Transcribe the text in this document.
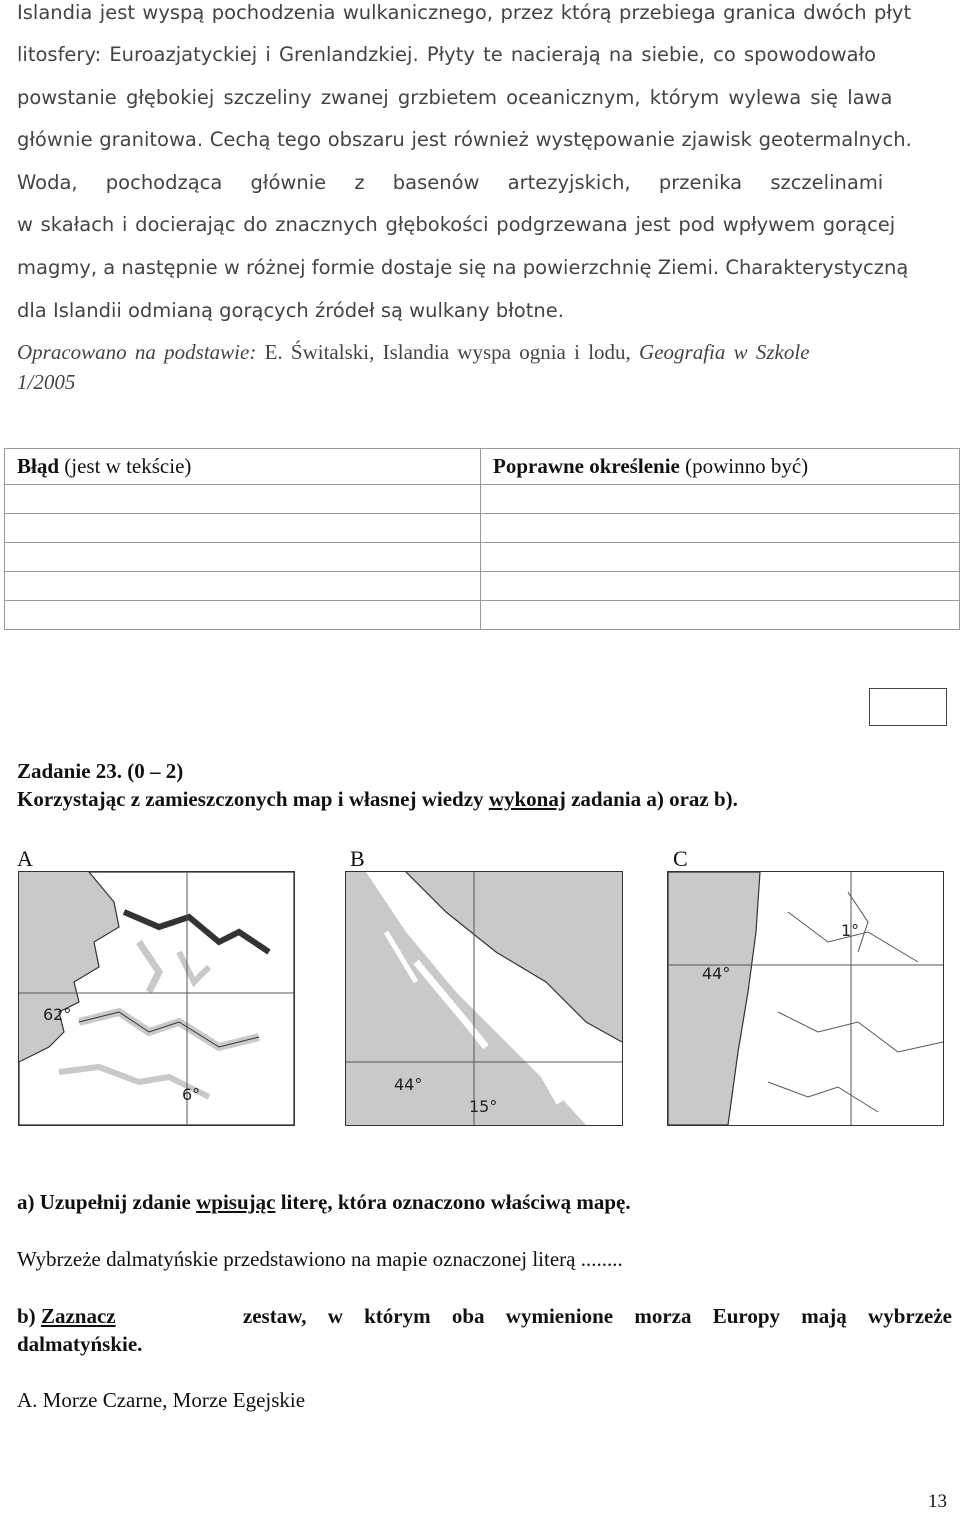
Islandia jest wyspą pochodzenia wulkanicznego, przez którą przebiega granica dwóch płyt
litosfery: Euroazjatyckiej i Grenlandzkiej. Płyty te nacierają na siebie, co spowodowało
powstanie głębokiej szczeliny zwanej grzbietem oceanicznym, którym wylewa się lawa
głównie granitowa. Cechą tego obszaru jest również występowanie zjawisk geotermalnych.
Woda, pochodząca głównie z basenów artezyjskich, przenika szczelinami
w skałach i docierając do znacznych głębokości podgrzewana jest pod wpływem gorącej
magmy, a następnie w różnej formie dostaje się na powierzchnię Ziemi. Charakterystyczną
dla Islandii odmianą gorących źródeł są wulkany błotne.
Opracowano na podstawie: E. Świtalski, Islandia wyspa ognia i lodu, Geografia w Szkole
1/2005
Błąd (jest w tekście)	Poprawne określenie (powinno być)

Zadanie 23. (0 – 2)
Korzystając z zamieszczonych map i własnej wiedzy wykonaj zadania a) oraz b).
A	B	C
62°
6°
44°
15°
44°
1°
a) Uzupełnij zdanie wpisując literę, która oznaczono właściwą mapę.
Wybrzeże dalmatyńskie przedstawiono na mapie oznaczonej literą ........
b) Zaznacz	zestaw, w którym oba wymienione morza Europy mają wybrzeże
dalmatyńskie.
A. Morze Czarne, Morze Egejskie
13
